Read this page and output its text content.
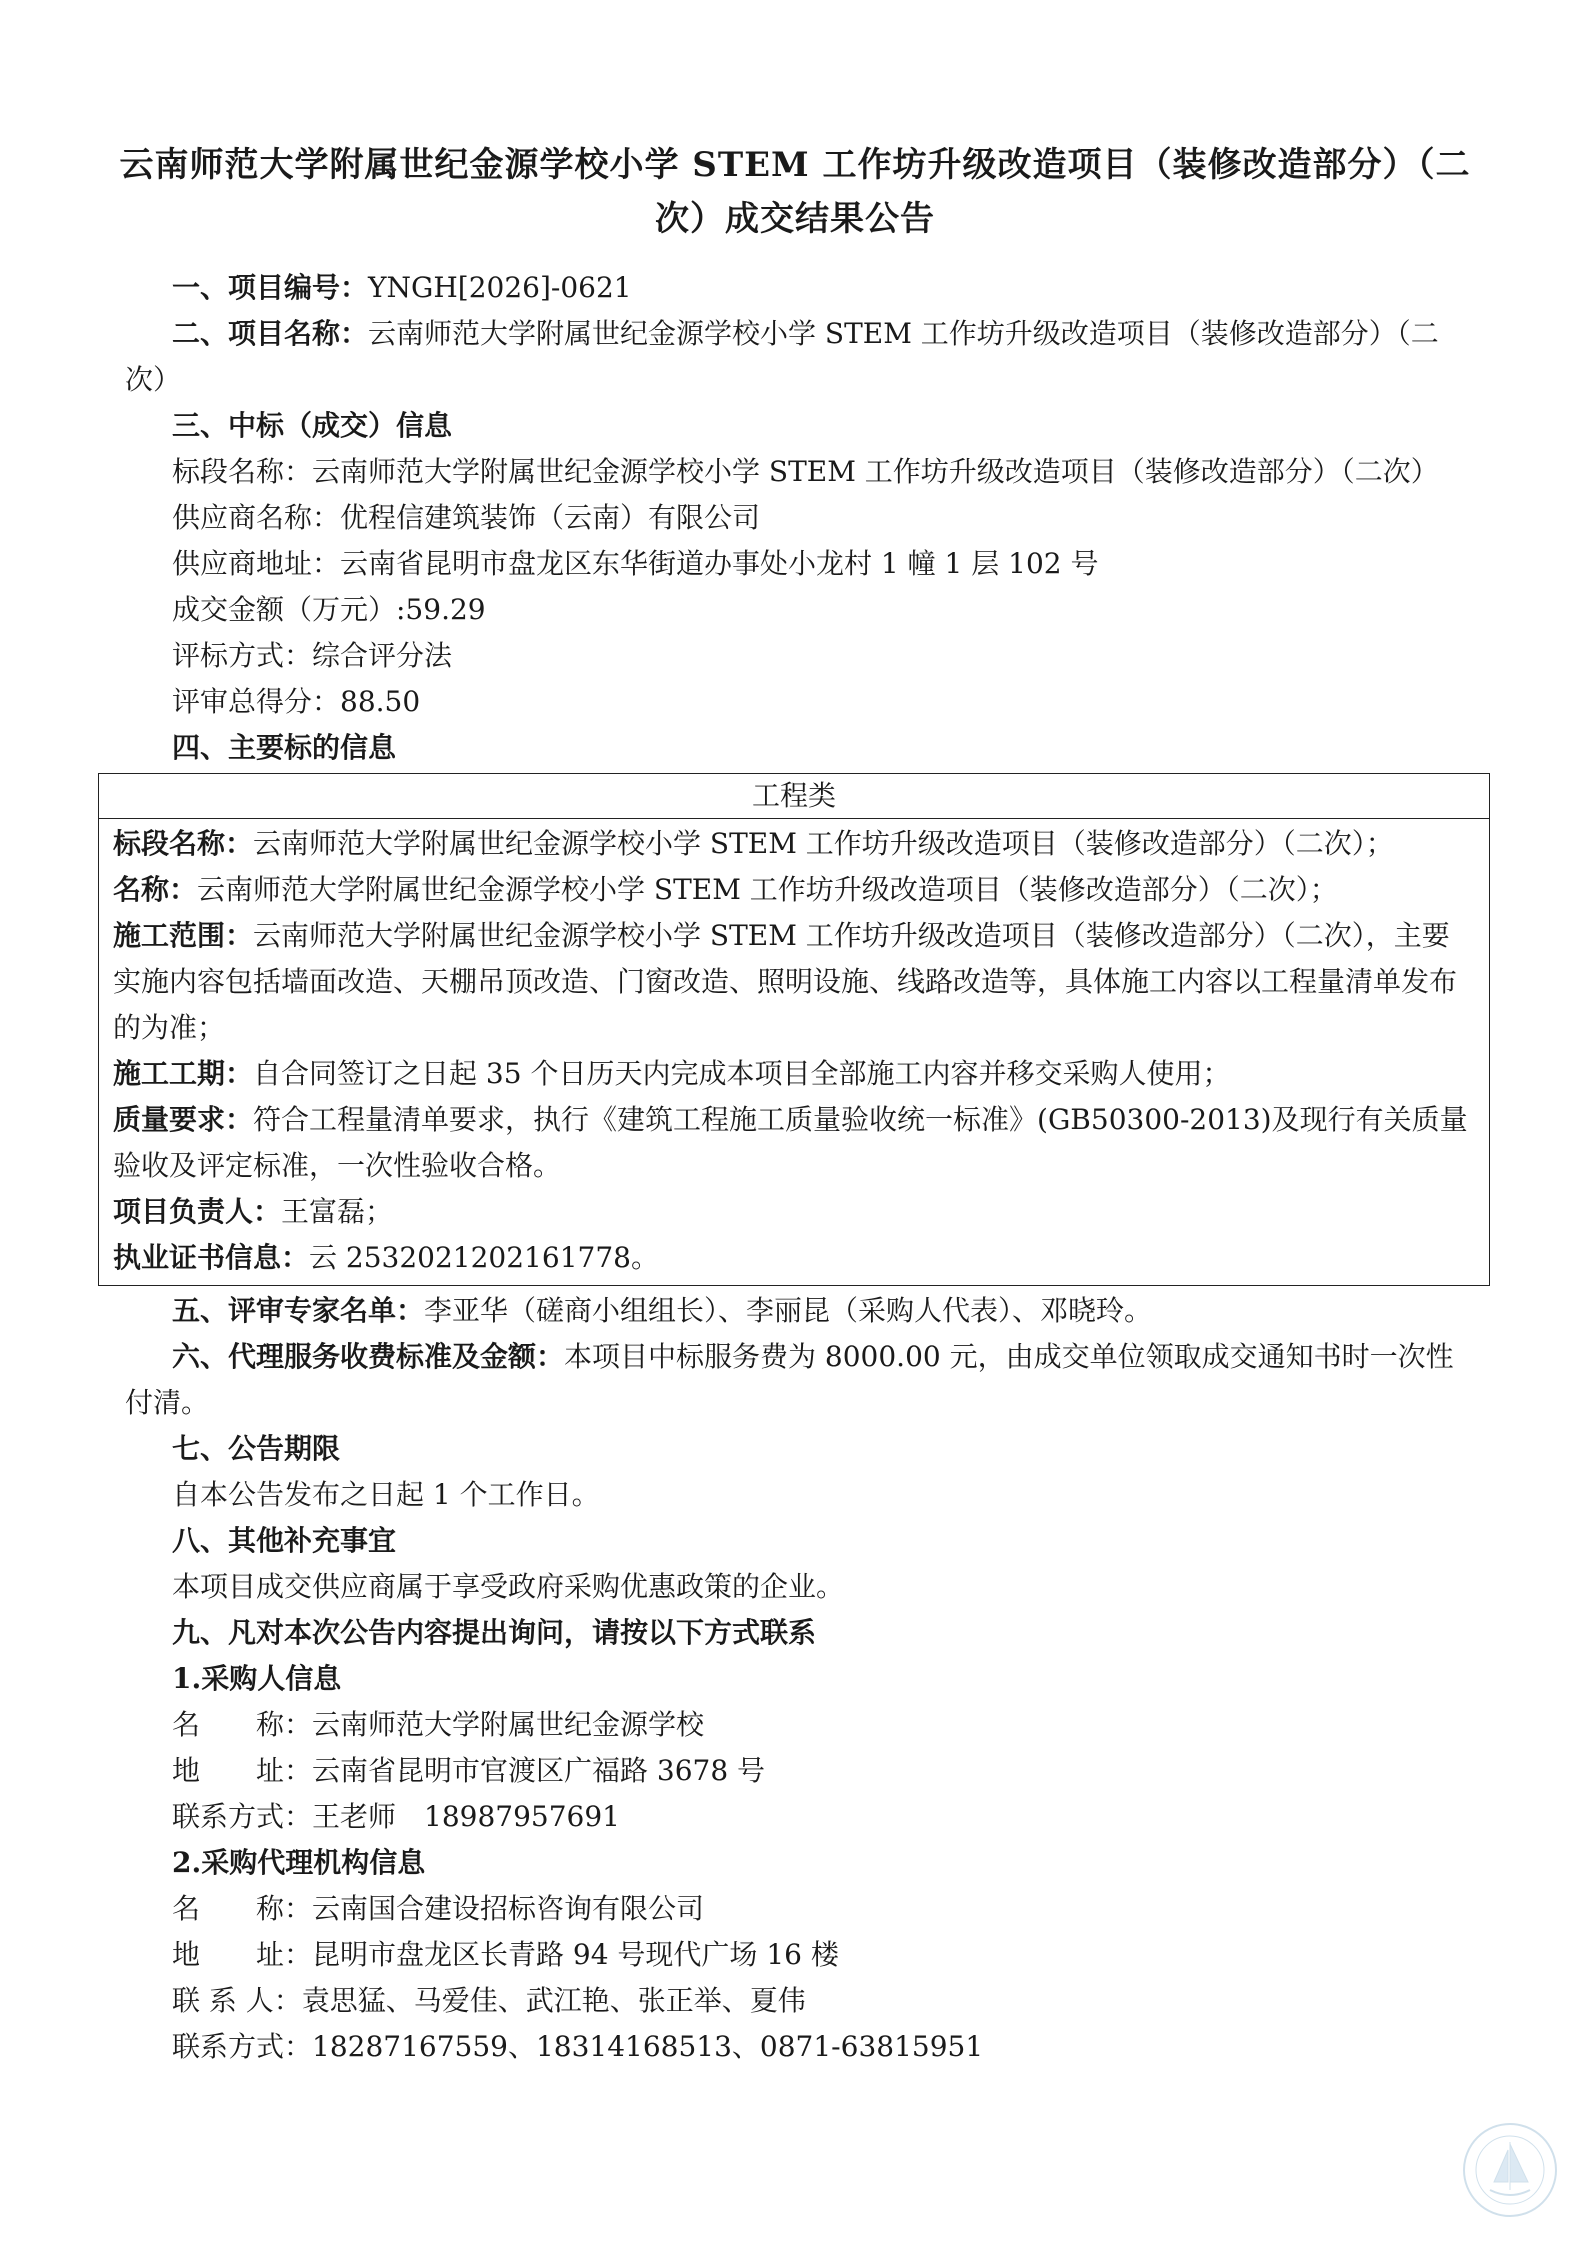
云南师范大学附属世纪金源学校小学 STEM 工作坊升级改造项目（装修改造部分）（二次）成交结果公告

一、项目编号：YNGH[2026]-0621

二、项目名称：云南师范大学附属世纪金源学校小学 STEM 工作坊升级改造项目（装修改造部分）（二次）

三、中标（成交）信息

标段名称：云南师范大学附属世纪金源学校小学 STEM 工作坊升级改造项目（装修改造部分）（二次）

供应商名称：优程信建筑装饰（云南）有限公司

供应商地址：云南省昆明市盘龙区东华街道办事处小龙村 1 幢 1 层 102 号

成交金额（万元）:59.29

评标方式：综合评分法

评审总得分：88.50

四、主要标的信息

工程类

标段名称：云南师范大学附属世纪金源学校小学 STEM 工作坊升级改造项目（装修改造部分）（二次）；

名称：云南师范大学附属世纪金源学校小学 STEM 工作坊升级改造项目（装修改造部分）（二次）；

施工范围：云南师范大学附属世纪金源学校小学 STEM 工作坊升级改造项目（装修改造部分）（二次），主要实施内容包括墙面改造、天棚吊顶改造、门窗改造、照明设施、线路改造等，具体施工内容以工程量清单发布的为准；

施工工期：自合同签订之日起 35 个日历天内完成本项目全部施工内容并移交采购人使用；

质量要求：符合工程量清单要求，执行《建筑工程施工质量验收统一标准》(GB50300-2013)及现行有关质量验收及评定标准，一次性验收合格。

项目负责人：王富磊；

执业证书信息：云 2532021202161778。

五、评审专家名单：李亚华（磋商小组组长）、李丽昆（采购人代表）、邓晓玲。

六、代理服务收费标准及金额：本项目中标服务费为 8000.00 元，由成交单位领取成交通知书时一次性付清。

七、公告期限

自本公告发布之日起 1 个工作日。

八、其他补充事宜

本项目成交供应商属于享受政府采购优惠政策的企业。

九、凡对本次公告内容提出询问，请按以下方式联系

1.采购人信息

名　　称：云南师范大学附属世纪金源学校

地　　址：云南省昆明市官渡区广福路 3678 号

联系方式：王老师　18987957691

2.采购代理机构信息

名　　称：云南国合建设招标咨询有限公司

地　　址：昆明市盘龙区长青路 94 号现代广场 16 楼

联 系 人：袁思猛、马爱佳、武江艳、张正举、夏伟

联系方式：18287167559、18314168513、0871-63815951
